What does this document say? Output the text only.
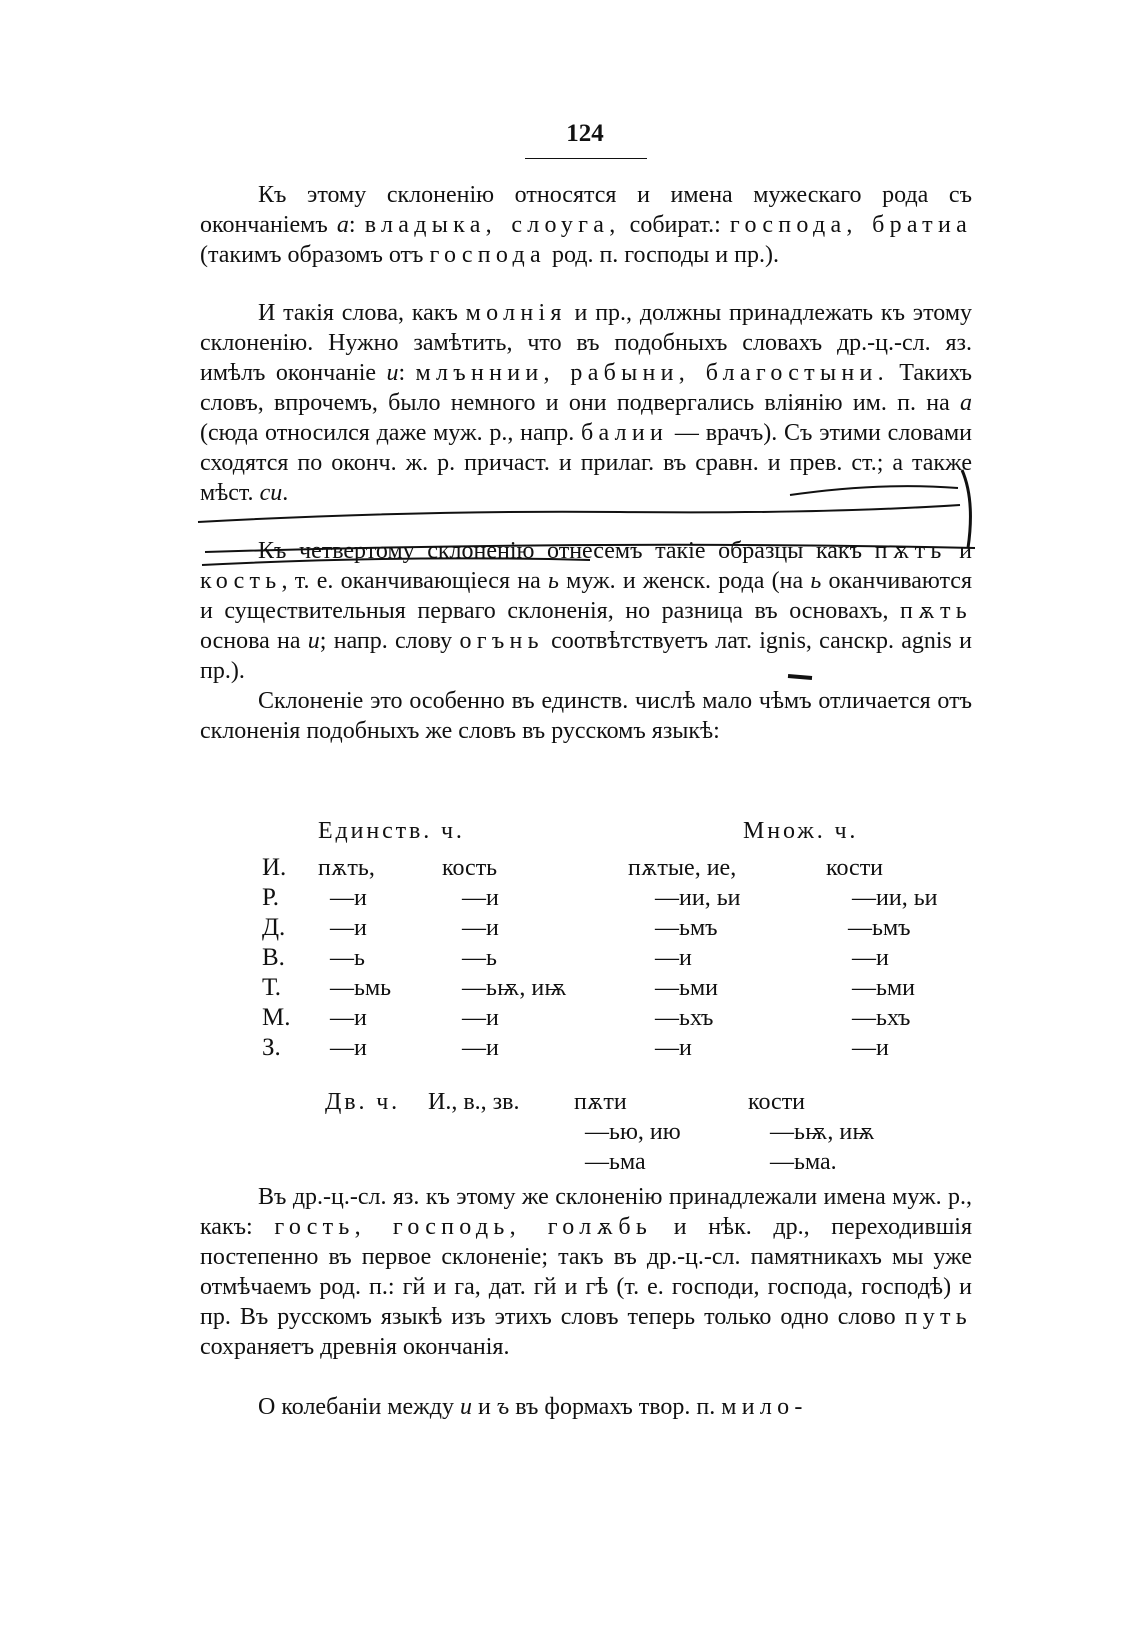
124

Къ этому склоненію относятся и имена мужескаго рода съ окончаніемъ а: владыка, слоуга, собират.: господа, братиа (такимъ образомъ отъ господа род. п. господы и пр.).

И такія слова, какъ молнія и пр., должны принадлежать къ этому склоненію. Нужно замѣтить, что въ подобныхъ словахъ др.-ц.-сл. яз. имѣлъ окончаніе и: млъннии, рабыни, благостыни. Такихъ словъ, впрочемъ, было немного и они подвергались вліянію им. п. на а (сюда относился даже муж. р., напр. балии — врачъ). Съ этими словами сходятся по оконч. ж. р. причаст. и прилаг. въ сравн. и прев. ст.; а также мѣст. си.

Къ четвертому склоненію отнесемъ такіе образцы какъ пѫть и кость, т. е. оканчивающіеся на ь муж. и женск. рода (на ь оканчиваются и существительныя перваго склоненія, но разница въ основахъ, пѫть основа на и; напр. слову огънь соотвѣтствуетъ лат. ignis, санскр. agnis и пр.).

Склоненіе это особенно въ единств. числѣ мало чѣмъ отличается отъ склоненія подобныхъ же словъ въ русскомъ языкѣ:

Единств. ч.	Множ. ч.
И. пѫть,	кость	пѫтые, ие,	кости
Р. —и	—и	—ии, ьи	—ии, ьи
Д. —и	—и	—ьмъ	—ьмъ
В. —ь	—ь	—и	—и
Т. —ьмь	—ьѭ, иѭ	—ьми	—ьми
М. —и	—и	—ьхъ	—ьхъ
З. —и	—и	—и	—и
Дв. ч. И., в., зв. пѫти	кости
—ью, ию	—ьѭ, иѭ
—ьма	—ьма.

Въ др.-ц.-сл. яз. къ этому же склоненію принадлежали имена муж. р., какъ: гость, господь, голѫбь и нѣк. др., переходившія постепенно въ первое склоненіе; такъ въ др.-ц.-сл. памятникахъ мы уже отмѣчаемъ род. п.: гй и га, дат. гй и гѣ (т. е. господи, господа, господѣ) и пр. Въ русскомъ языкѣ изъ этихъ словъ теперь только одно слово путь сохраняетъ древнія окончанія.

О колебаніи между и и ъ въ формахъ твор. п. мило-
